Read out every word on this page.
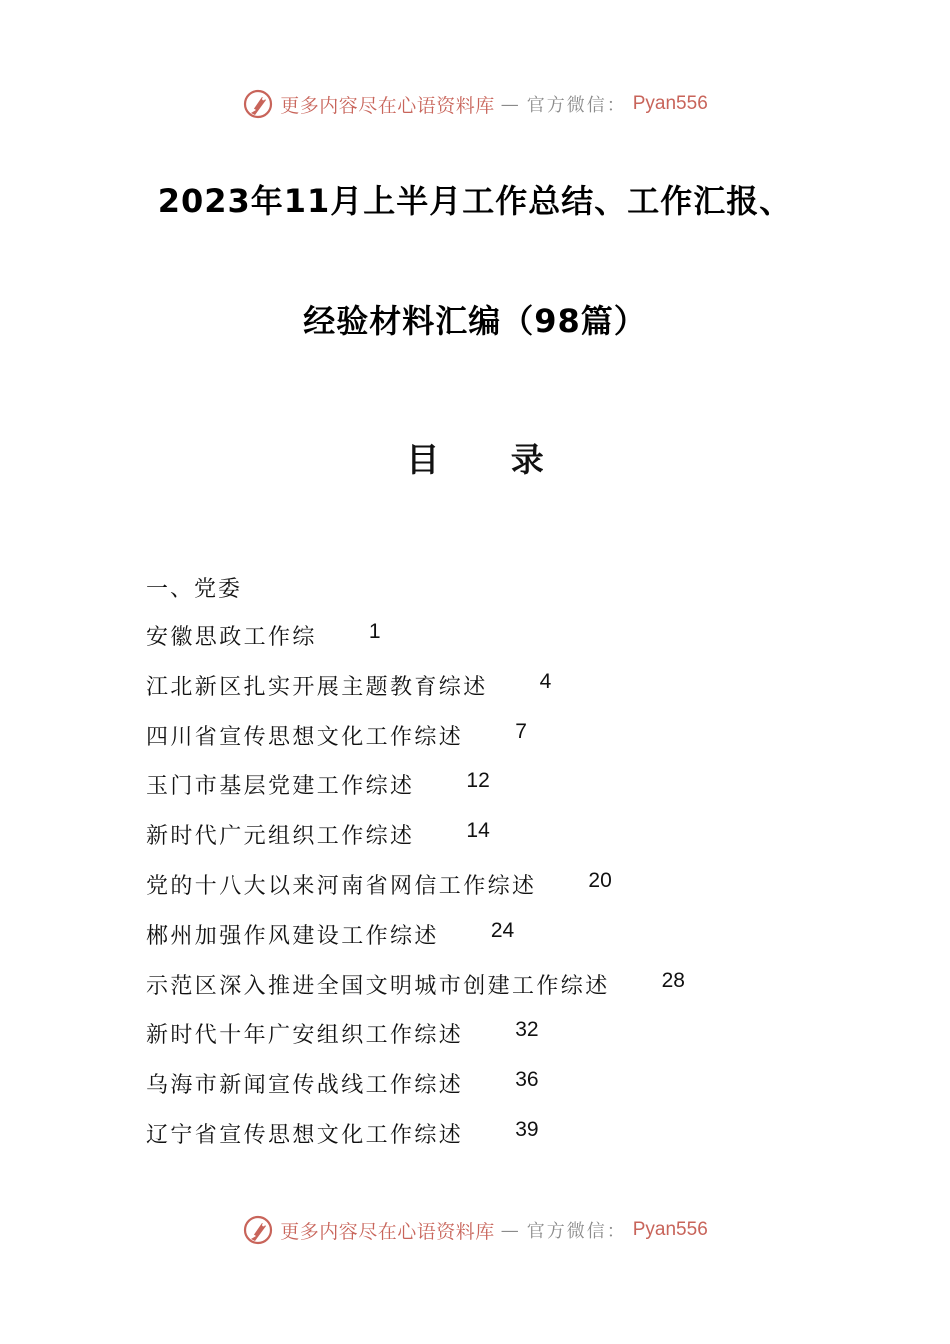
更多内容尽在心语资料库 — 官方微信： Pyan556
2023年11月上半月工作总结、工作汇报、
经验材料汇编（98篇）
目 录
一、党委
安徽思政工作综 1
江北新区扎实开展主题教育综述 4
四川省宣传思想文化工作综述 7
玉门市基层党建工作综述 12
新时代广元组织工作综述 14
党的十八大以来河南省网信工作综述 20
郴州加强作风建设工作综述 24
示范区深入推进全国文明城市创建工作综述 28
新时代十年广安组织工作综述 32
乌海市新闻宣传战线工作综述 36
辽宁省宣传思想文化工作综述 39
更多内容尽在心语资料库 — 官方微信： Pyan556
